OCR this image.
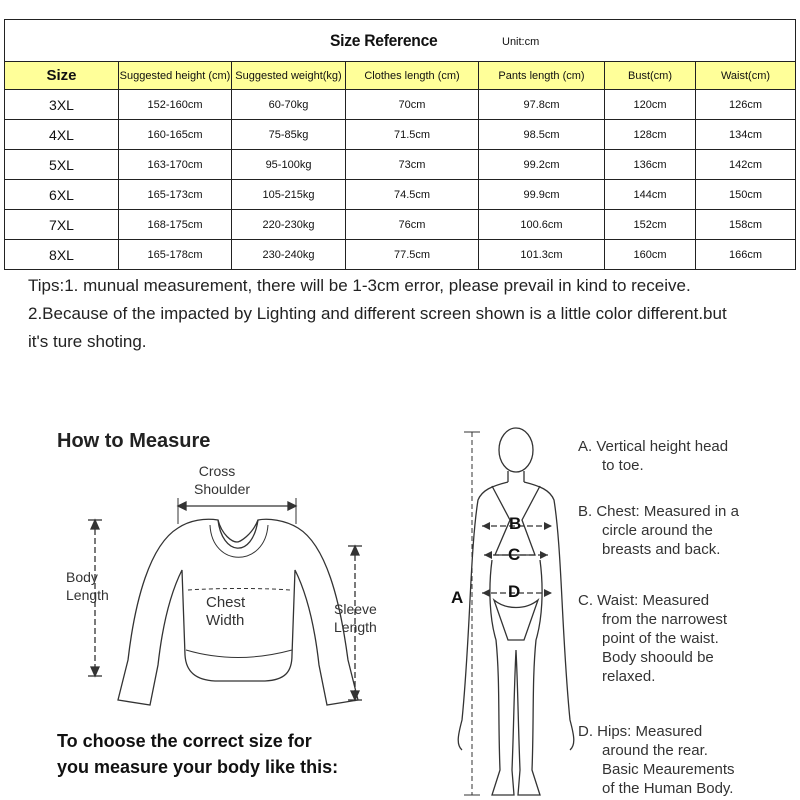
Size Reference Unit:cm						

Size	Suggested height (cm)	Suggested weight(kg)	Clothes length (cm)	Pants length (cm)	Bust(cm)	Waist(cm)
3XL	152-160cm	60-70kg	70cm	97.8cm	120cm	126cm
4XL	160-165cm	75-85kg	71.5cm	98.5cm	128cm	134cm
5XL	163-170cm	95-100kg	73cm	99.2cm	136cm	142cm
6XL	165-173cm	105-215kg	74.5cm	99.9cm	144cm	150cm
7XL	168-175cm	220-230kg	76cm	100.6cm	152cm	158cm
8XL	165-178cm	230-240kg	77.5cm	101.3cm	160cm	166cm
Tips:1. munual measurement, there will be 1-3cm error, please prevail in kind to receive.
2.Because of the impacted by Lighting and different screen shown is a little color different.but
it's ture shoting.
How to Measure
Cross
Shoulder
Body
Length	Chest
Width
Sleeve
Length
To choose the correct size for
you measure your body like this:
A
B
C
D
A. Vertical height head
to toe.
B. Chest: Measured in a
circle around the
breasts and back.
C. Waist: Measured
from the narrowest
point of the waist.
Body shoould be
relaxed.
D. Hips: Measured
around the rear.
Basic Meaurements
of the Human Body.
